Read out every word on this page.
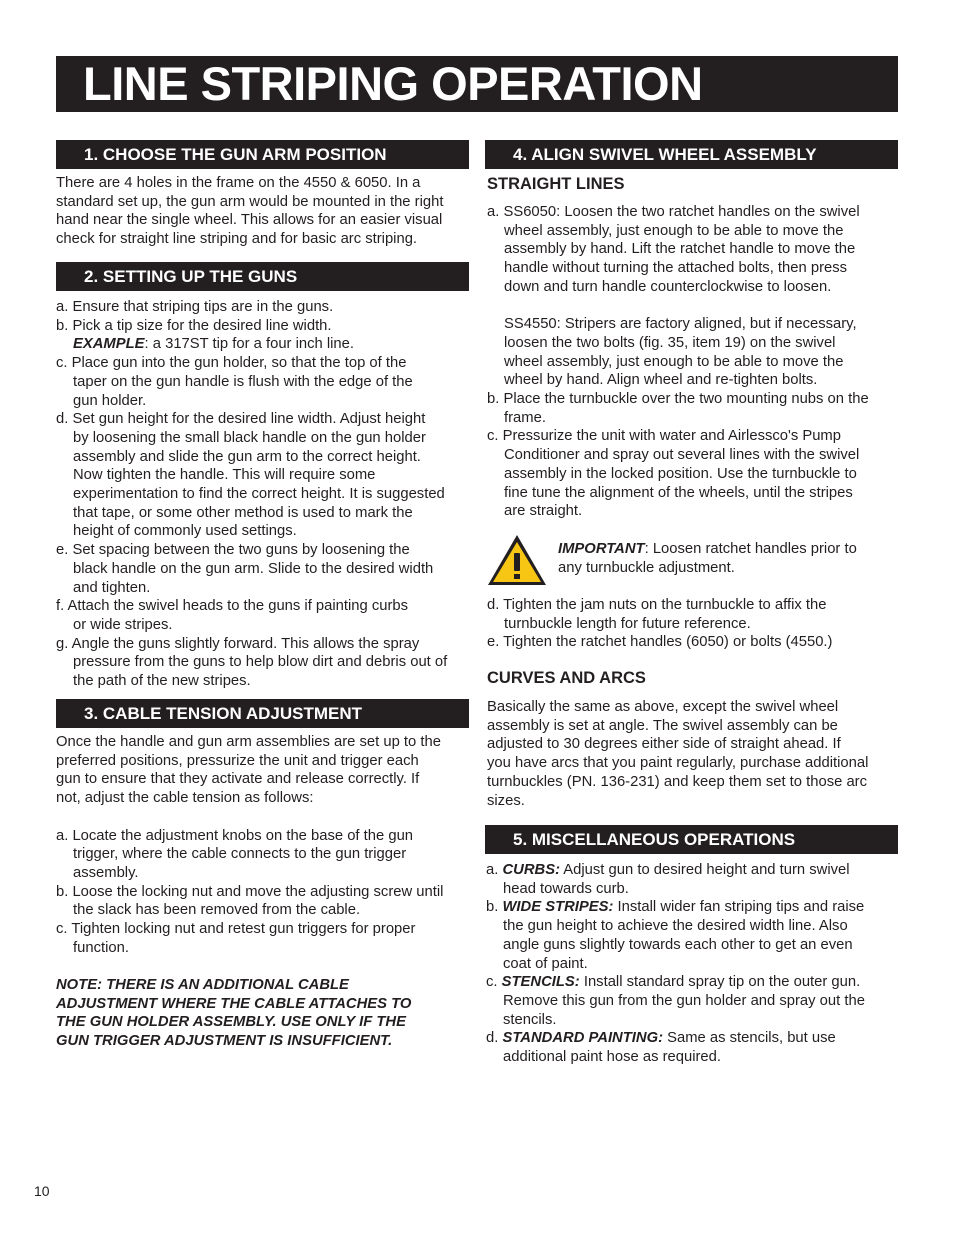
LINE STRIPING OPERATION
1. CHOOSE THE GUN ARM POSITION

There are 4 holes in the frame on the 4550 & 6050. In a

standard set up, the gun arm would be mounted in the right

hand near the single wheel. This allows for an easier visual

check for straight line striping and for basic arc striping.

2. SETTING UP THE GUNS

a. Ensure that striping tips are in the guns.

b. Pick a tip size for the desired line width.

EXAMPLE: a 317ST tip for a four inch line.

c. Place gun into the gun holder, so that the top of the

taper on the gun handle is flush with the edge of the

gun holder.

d. Set gun height for the desired line width. Adjust height

by loosening the small black handle on the gun holder

assembly and slide the gun arm to the correct height.

Now tighten the handle. This will require some

experimentation to find the correct height. It is suggested

that tape, or some other method is used to mark the

height of commonly used settings.

e. Set spacing between the two guns by loosening the

black handle on the gun arm. Slide to the desired width

and tighten.

f. Attach the swivel heads to the guns if painting curbs

or wide stripes.

g. Angle the guns slightly forward. This allows the spray

pressure from the guns to help blow dirt and debris out of

the path of the new stripes.

3. CABLE TENSION ADJUSTMENT

Once the handle and gun arm assemblies are set up to the

preferred positions, pressurize the unit and trigger each

gun to ensure that they activate and release correctly. If

not, adjust the cable tension as follows:

a. Locate the adjustment knobs on the base of the gun

trigger, where the cable connects to the gun trigger

assembly.

b. Loose the locking nut and move the adjusting screw until

the slack has been removed from the cable.

c. Tighten locking nut and retest gun triggers for proper

function.

NOTE: THERE IS AN ADDITIONAL CABLE
ADJUSTMENT WHERE THE CABLE ATTACHES TO
THE GUN HOLDER ASSEMBLY. USE ONLY IF THE
GUN TRIGGER ADJUSTMENT IS INSUFFICIENT.
4. ALIGN SWIVEL WHEEL ASSEMBLY
STRAIGHT LINES

a. SS6050: Loosen the two ratchet handles on the swivel

wheel assembly, just enough to be able to move the

assembly by hand. Lift the ratchet handle to move the

handle without turning the attached bolts, then press

down and turn handle counterclockwise to loosen.

SS4550: Stripers are factory aligned, but if necessary,

loosen the two bolts (fig. 35, item 19) on the swivel

wheel assembly, just enough to be able to move the

wheel by hand. Align wheel and re-tighten bolts.

b. Place the turnbuckle over the two mounting nubs on the

frame.

c. Pressurize the unit with water and Airlessco's Pump

Conditioner and spray out several lines with the swivel

assembly in the locked position. Use the turnbuckle to

fine tune the alignment of the wheels, until the stripes

are straight.

IMPORTANT: Loosen ratchet handles prior to

any turnbuckle adjustment.

d. Tighten the jam nuts on the turnbuckle to affix the

turnbuckle length for future reference.

e. Tighten the ratchet handles (6050) or bolts (4550.)

CURVES AND ARCS

Basically the same as above, except the swivel wheel

assembly is set at angle. The swivel assembly can be

adjusted to 30 degrees either side of straight ahead. If

you have arcs that you paint regularly, purchase additional

turnbuckles (PN. 136-231) and keep them set to those arc

sizes.

5. MISCELLANEOUS OPERATIONS

a. CURBS: Adjust gun to desired height and turn swivel

head towards curb.

b. WIDE STRIPES: Install wider fan striping tips and raise

the gun height to achieve the desired width line. Also

angle guns slightly towards each other to get an even

coat of paint.

c. STENCILS: Install standard spray tip on the outer gun.

Remove this gun from the gun holder and spray out the

stencils.

d. STANDARD PAINTING: Same as stencils, but use

additional paint hose as required.

10
